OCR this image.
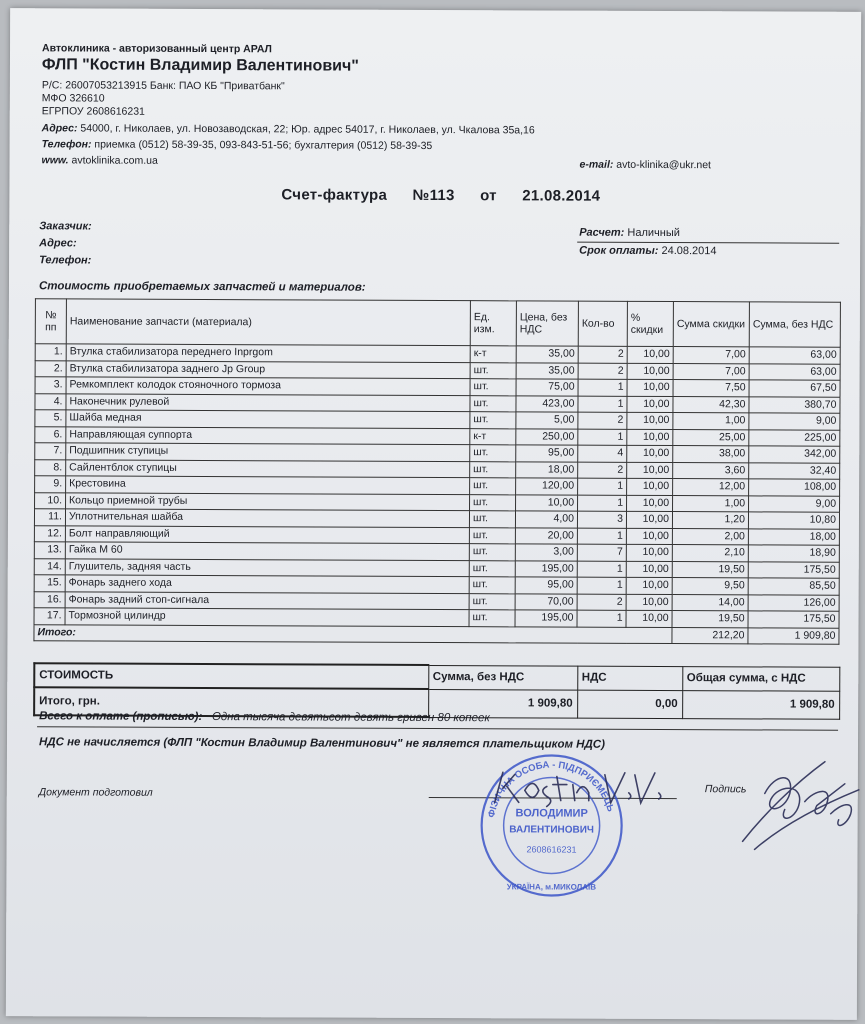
Автоклиника - авторизованный центр АРАЛ
ФЛП "Костин Владимир Валентинович"
Р/С: 26007053213915 Банк: ПАО КБ "Приватбанк"
МФО 326610
ЕГРПОУ 2608616231
Адрес: 54000, г. Николаев, ул. Новозаводская, 22; Юр. адрес 54017, г. Николаев, ул. Чкалова 35а,16
Телефон: приемка (0512) 58-39-35, 093-843-51-56; бухгалтерия (0512) 58-39-35
www. avtoklinika.com.ua	e-mail: avto-klinika@ukr.net
Счет-фактура №113 от 21.08.2014
Заказчик:
Адрес:
Телефон:
Расчет: Наличный
Срок оплаты: 24.08.2014
Стоимость приобретаемых запчастей и материалов:
№ пп	Наименование запчасти (материала)	Ед. изм.	Цена, без НДС	Кол-во	% скидки	Сумма скидки	Сумма, без НДС
1.	Втулка стабилизатора переднего Inprgom	к-т	35,00	2	10,00	7,00	63,00
2.	Втулка стабилизатора заднего Jp Group	шт.	35,00	2	10,00	7,00	63,00
3.	Ремкомплект колодок стояночного тормоза	шт.	75,00	1	10,00	7,50	67,50
4.	Наконечник рулевой	шт.	423,00	1	10,00	42,30	380,70
5.	Шайба медная	шт.	5,00	2	10,00	1,00	9,00
6.	Направляющая суппорта	к-т	250,00	1	10,00	25,00	225,00
7.	Подшипник ступицы	шт.	95,00	4	10,00	38,00	342,00
8.	Сайлентблок ступицы	шт.	18,00	2	10,00	3,60	32,40
9.	Крестовина	шт.	120,00	1	10,00	12,00	108,00
10.	Кольцо приемной трубы	шт.	10,00	1	10,00	1,00	9,00
11.	Уплотнительная шайба	шт.	4,00	3	10,00	1,20	10,80
12.	Болт направляющий	шт.	20,00	1	10,00	2,00	18,00
13.	Гайка М 60	шт.	3,00	7	10,00	2,10	18,90
14.	Глушитель, задняя часть	шт.	195,00	1	10,00	19,50	175,50
15.	Фонарь заднего хода	шт.	95,00	1	10,00	9,50	85,50
16.	Фонарь задний стоп-сигнала	шт.	70,00	2	10,00	14,00	126,00
17.	Тормозной цилиндр	шт.	195,00	1	10,00	19,50	175,50
Итого:						212,20	1 909,80
СТОИМОСТЬ	Сумма, без НДС	НДС	Общая сумма, с НДС
Итого, грн.	1 909,80	0,00	1 909,80
Всего к оплате (прописью): Одна тысяча девятьсот девять гривен 80 копеек
НДС не начисляется (ФЛП "Костин Владимир Валентинович" не является плательщиком НДС)
Документ подготовил	Подпись
ФІЗИЧНА ОСОБА - ПІДПРИЄМЕЦЬ
УКРАЇНА, м.МИКОЛАЇВ
ВОЛОДИМИР
ВАЛЕНТИНОВИЧ
2608616231
